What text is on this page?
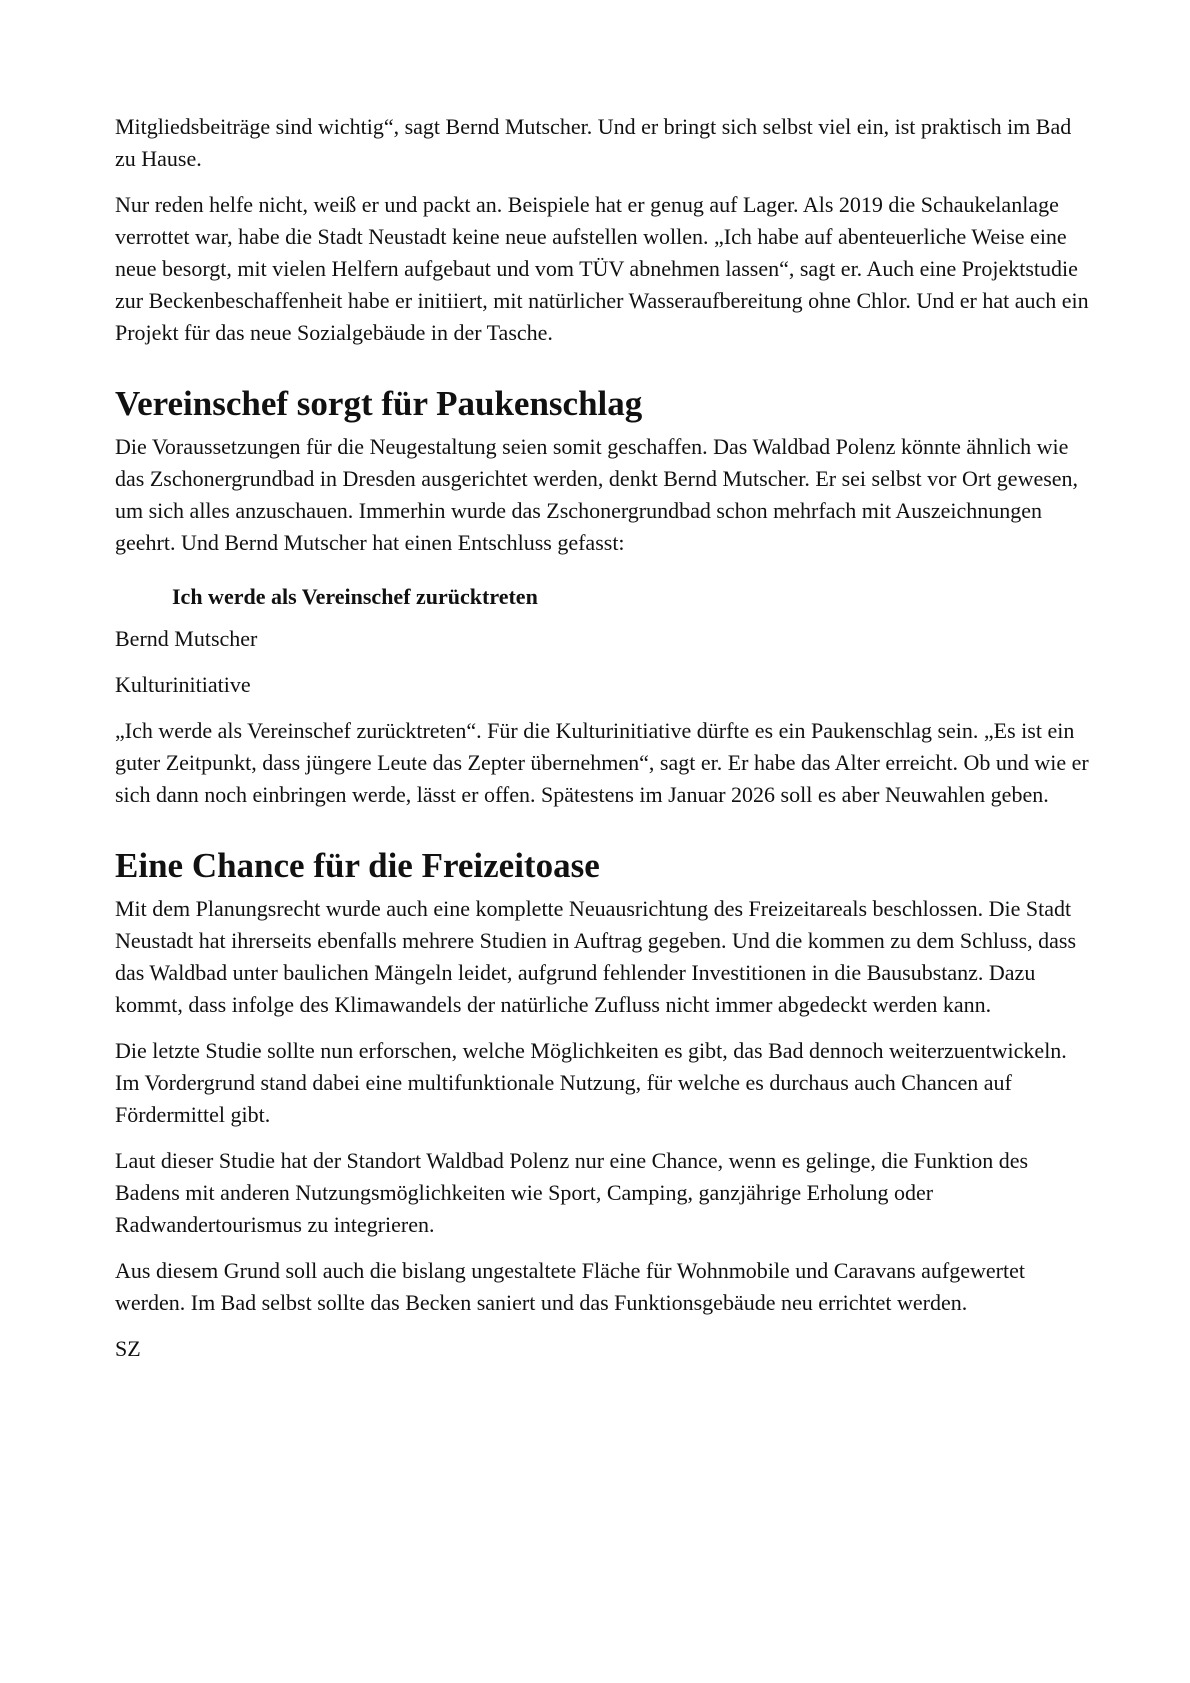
Mitgliedsbeiträge sind wichtig“, sagt Bernd Mutscher. Und er bringt sich selbst viel ein, ist praktisch im Bad zu Hause.

Nur reden helfe nicht, weiß er und packt an. Beispiele hat er genug auf Lager. Als 2019 die Schaukelanlage verrottet war, habe die Stadt Neustadt keine neue aufstellen wollen. „Ich habe auf abenteuerliche Weise eine neue besorgt, mit vielen Helfern aufgebaut und vom TÜV abnehmen lassen“, sagt er. Auch eine Projektstudie zur Beckenbeschaffenheit habe er initiiert, mit natürlicher Wasseraufbereitung ohne Chlor. Und er hat auch ein Projekt für das neue Sozialgebäude in der Tasche.

Vereinschef sorgt für Paukenschlag

Die Voraussetzungen für die Neugestaltung seien somit geschaffen. Das Waldbad Polenz könnte ähnlich wie das Zschonergrundbad in Dresden ausgerichtet werden, denkt Bernd Mutscher. Er sei selbst vor Ort gewesen, um sich alles anzuschauen. Immerhin wurde das Zschonergrundbad schon mehrfach mit Auszeichnungen geehrt. Und Bernd Mutscher hat einen Entschluss gefasst:

Ich werde als Vereinschef zurücktreten

Bernd Mutscher

Kulturinitiative

„Ich werde als Vereinschef zurücktreten“. Für die Kulturinitiative dürfte es ein Paukenschlag sein. „Es ist ein guter Zeitpunkt, dass jüngere Leute das Zepter übernehmen“, sagt er. Er habe das Alter erreicht. Ob und wie er sich dann noch einbringen werde, lässt er offen. Spätestens im Januar 2026 soll es aber Neuwahlen geben.

Eine Chance für die Freizeitoase

Mit dem Planungsrecht wurde auch eine komplette Neuausrichtung des Freizeitareals beschlossen. Die Stadt Neustadt hat ihrerseits ebenfalls mehrere Studien in Auftrag gegeben. Und die kommen zu dem Schluss, dass das Waldbad unter baulichen Mängeln leidet, aufgrund fehlender Investitionen in die Bausubstanz. Dazu kommt, dass infolge des Klimawandels der natürliche Zufluss nicht immer abgedeckt werden kann.

Die letzte Studie sollte nun erforschen, welche Möglichkeiten es gibt, das Bad dennoch weiterzuentwickeln. Im Vordergrund stand dabei eine multifunktionale Nutzung, für welche es durchaus auch Chancen auf Fördermittel gibt.

Laut dieser Studie hat der Standort Waldbad Polenz nur eine Chance, wenn es gelinge, die Funktion des Badens mit anderen Nutzungsmöglichkeiten wie Sport, Camping, ganzjährige Erholung oder Radwandertourismus zu integrieren.

Aus diesem Grund soll auch die bislang ungestaltete Fläche für Wohnmobile und Caravans aufgewertet werden. Im Bad selbst sollte das Becken saniert und das Funktionsgebäude neu errichtet werden.

SZ
